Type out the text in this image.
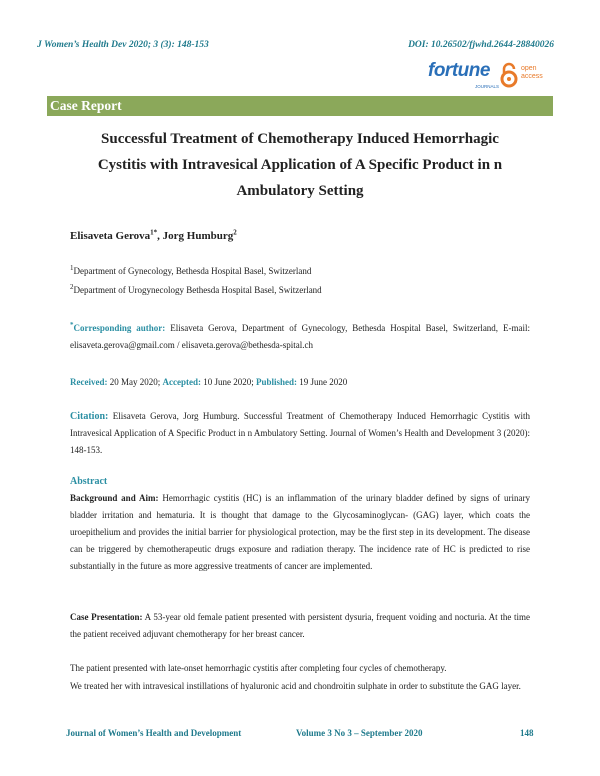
J Women’s Health Dev 2020; 3 (3): 148-153	DOI: 10.26502/fjwhd.2644-28840026
fortune
JOURNALS
open
access
Case Report
Successful Treatment of Chemotherapy Induced Hemorrhagic
Cystitis with Intravesical Application of A Specific Product in n
Ambulatory Setting
Elisaveta Gerova$^{1*}$, Jorg Humburg$^2$
$^1$Department of Gynecology, Bethesda Hospital Basel, Switzerland
$^2$Department of Urogynecology Bethesda Hospital Basel, Switzerland
*Corresponding author: Elisaveta Gerova, Department of Gynecology, Bethesda Hospital Basel, Switzerland, E-mail: elisaveta.gerova@gmail.com / elisaveta.gerova@bethesda-spital.ch
Received: 20 May 2020; Accepted: 10 June 2020; Published: 19 June 2020
Citation: Elisaveta Gerova, Jorg Humburg. Successful Treatment of Chemotherapy Induced Hemorrhagic Cystitis with Intravesical Application of A Specific Product in n Ambulatory Setting. Journal of Women’s Health and Development 3 (2020): 148-153.
Abstract
Background and Aim: Hemorrhagic cystitis (HC) is an inflammation of the urinary bladder defined by signs of urinary bladder irritation and hematuria. It is thought that damage to the Glycosaminoglycan- (GAG) layer, which coats the uroepithelium and provides the initial barrier for physiological protection, may be the first step in its development. The disease can be triggered by chemotherapeutic drugs exposure and radiation therapy. The incidence rate of HC is predicted to rise substantially in the future as more aggressive treatments of cancer are implemented.
Case Presentation: A 53-year old female patient presented with persistent dysuria, frequent voiding and nocturia. At the time the patient received adjuvant chemotherapy for her breast cancer.
The patient presented with late-onset hemorrhagic cystitis after completing four cycles of chemotherapy.
We treated her with intravesical instillations of hyaluronic acid and chondroitin sulphate in order to substitute the GAG layer.
Journal of Women’s Health and Development	Volume 3 No 3 – September 2020	148
